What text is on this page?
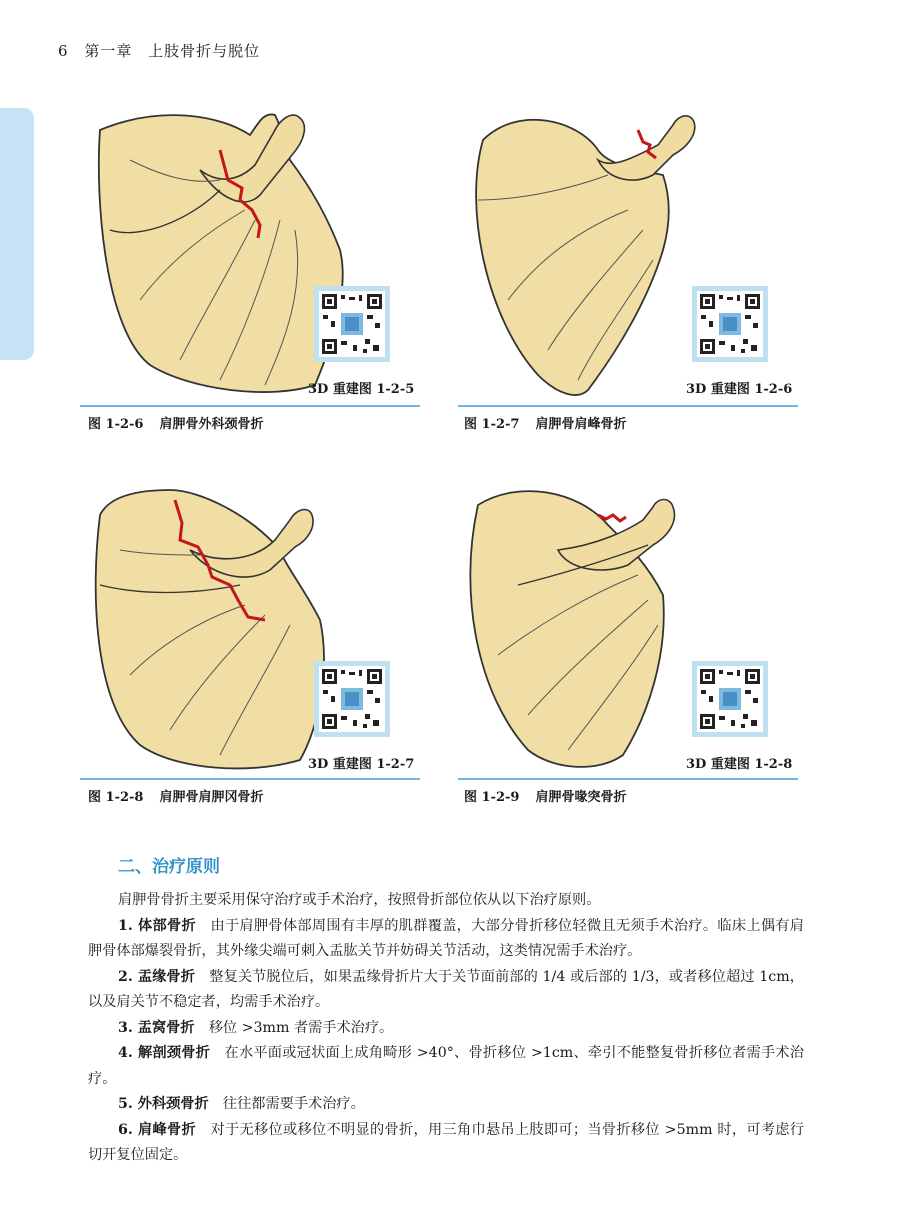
6 第一章 上肢骨折与脱位
3D 重建图 1-2-5
图 1-2-6 肩胛骨外科颈骨折
3D 重建图 1-2-6
图 1-2-7 肩胛骨肩峰骨折
3D 重建图 1-2-7
图 1-2-8 肩胛骨肩胛冈骨折
3D 重建图 1-2-8
图 1-2-9 肩胛骨喙突骨折
二、治疗原则

肩胛骨骨折主要采用保守治疗或手术治疗，按照骨折部位依从以下治疗原则。

1. 体部骨折　由于肩胛骨体部周围有丰厚的肌群覆盖，大部分骨折移位轻微且无须手术治疗。临床上偶有肩胛骨体部爆裂骨折，其外缘尖端可刺入盂肱关节并妨碍关节活动，这类情况需手术治疗。

2. 盂缘骨折　整复关节脱位后，如果盂缘骨折片大于关节面前部的 1/4 或后部的 1/3，或者移位超过 1cm，以及肩关节不稳定者，均需手术治疗。

3. 盂窝骨折　移位 >3mm 者需手术治疗。

4. 解剖颈骨折　在水平面或冠状面上成角畸形 >40°、骨折移位 >1cm、牵引不能整复骨折移位者需手术治疗。

5. 外科颈骨折　往往都需要手术治疗。

6. 肩峰骨折　对于无移位或移位不明显的骨折，用三角巾悬吊上肢即可；当骨折移位 >5mm 时，可考虑行切开复位固定。
